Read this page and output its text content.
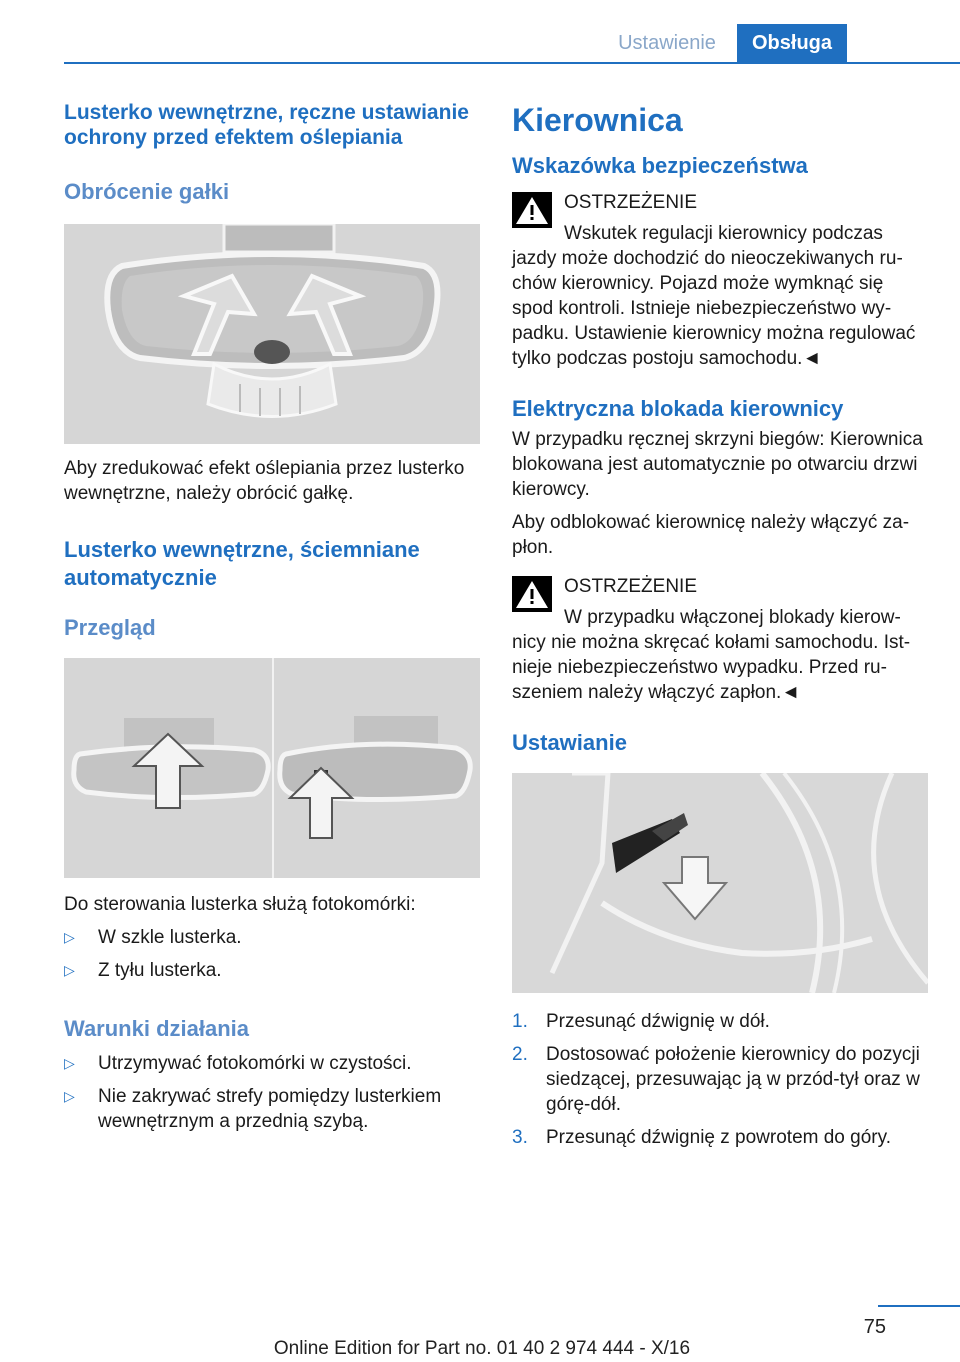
Ustawienie	Obsługa
Lusterko wewnętrzne, ręczne ustawianie ochrony przed efektem oślepiania
Obrócenie gałki

Aby zredukować efekt oślepiania przez lusterko wewnętrzne, należy obrócić gałkę.

Lusterko wewnętrzne, ściemniane automatycznie
Przegląd

Do sterowania lusterka służą fotokomórki:

▷ W szkle lusterka.
▷ Z tyłu lusterka.
Warunki działania
▷ Utrzymywać fotokomórki w czystości.
▷ Nie zakrywać strefy pomiędzy lusterkiem wewnętrznym a przednią szybą.
Kierownica
Wskazówka bezpieczeństwa
OSTRZEŻENIE

Wskutek regulacji kierownicy podczas jazdy może dochodzić do nieoczekiwanych ruchów kierownicy. Pojazd może wymknąć się spod kontroli. Istnieje niebezpieczeństwo wypadku. Ustawienie kierownicy można regulować tylko podczas postoju samochodu.◄

Elektryczna blokada kierownicy

W przypadku ręcznej skrzyni biegów: Kierownica blokowana jest automatycznie po otwarciu drzwi kierowcy.

Aby odblokować kierownicę należy włączyć zapłon.

OSTRZEŻENIE

W przypadku włączonej blokady kierownicy nie można skręcać kołami samochodu. Istnieje niebezpieczeństwo wypadku. Przed ruszeniem należy włączyć zapłon.◄

Ustawianie
1. Przesunąć dźwignię w dół.
2. Dostosować położenie kierownicy do pozycji siedzącej, przesuwając ją w przód-tył oraz w górę-dół.
3. Przesunąć dźwignię z powrotem do góry.
75
Online Edition for Part no. 01 40 2 974 444 - X/16
